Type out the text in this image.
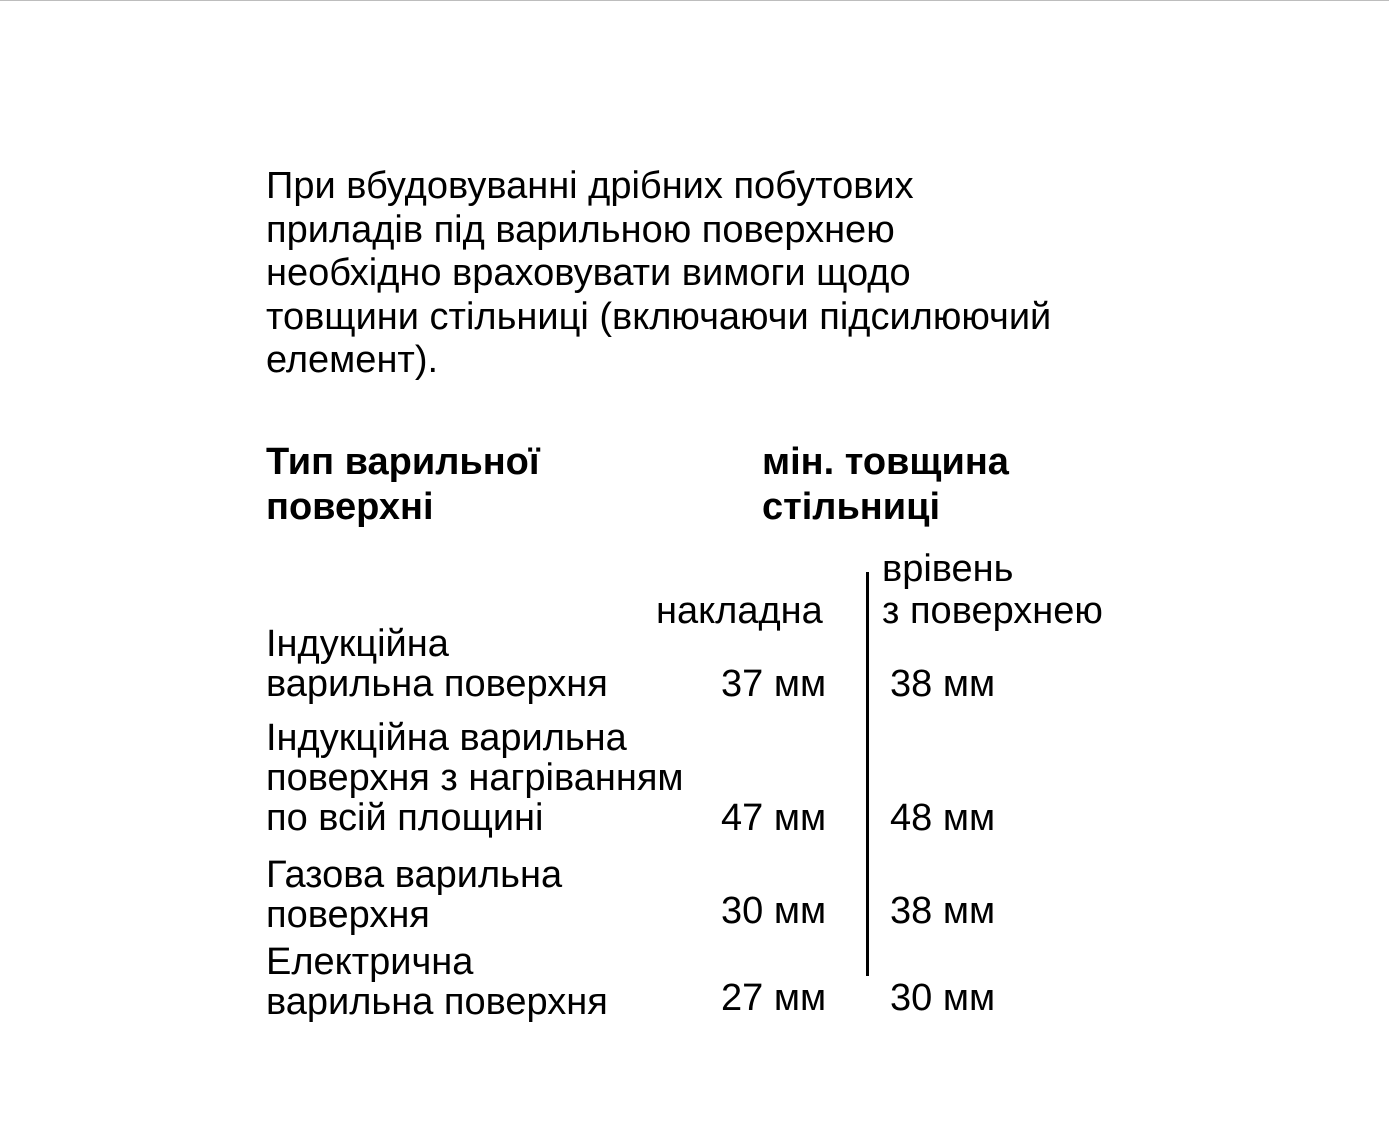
При вбудовуванні дрібних побутових
приладів під варильною поверхнею
необхідно враховувати вимоги щодо
товщини стільниці (включаючи підсилюючий
елемент).

Тип варильної
поверхні
мін. товщина
стільниці
накладна
врівень
з поверхнею
Індукційна
варильна поверхня	37 мм 38 мм
Індукційна варильна
поверхня з нагріванням
по всій площині	47 мм 48 мм
Газова варильна
поверхня	30 мм 38 мм
Електрична
варильна поверхня	27 мм 30 мм
